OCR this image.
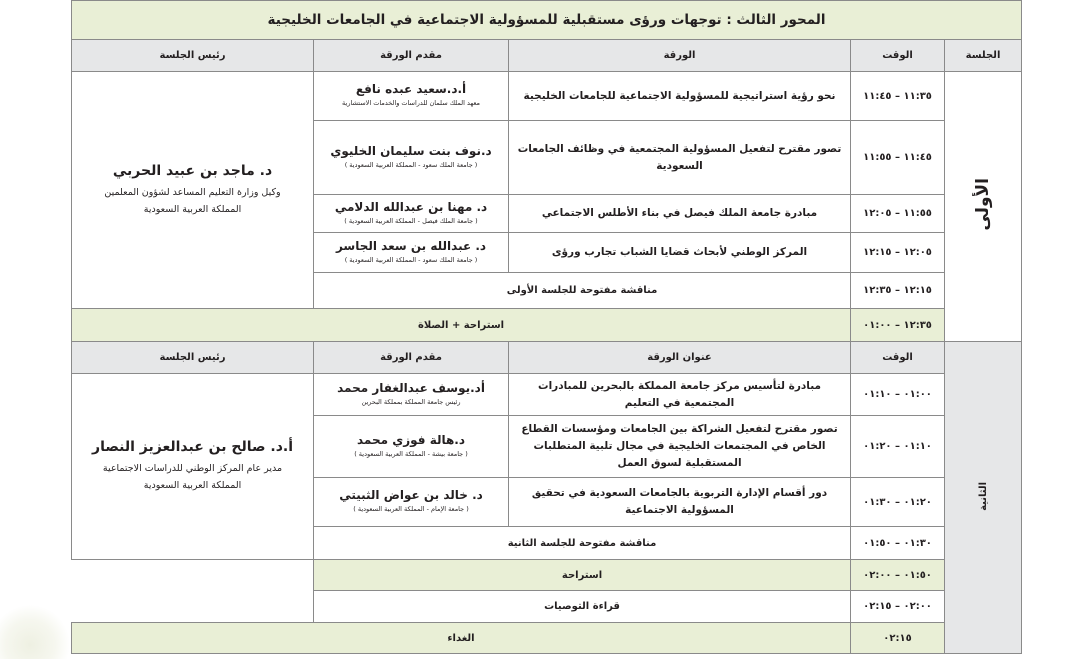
المحور الثالث : توجهات ورؤى مستقبلية للمسؤولية الاجتماعية في الجامعات الخليجية				
الجلسة	الوقت	الورقة	مقدم الورقة	رئيس الجلسة
الأولى	١١:٣٥ – ١١:٤٥	نحو رؤية استراتيجية للمسؤولية الاجتماعية للجامعات الخليجية	أ.د.سعيد عبده نافع
معهد الملك سلمان للدراسات والخدمات الاستشارية	د. ماجد بن عبيد الحربي
وكيل وزارة التعليم المساعد لشؤون المعلمين
المملكة العربية السعودية

	١١:٤٥ – ١١:٥٥	تصور مقترح لتفعيل المسؤولية المجتمعية في وظائف الجامعات السعودية	د.نوف بنت سليمان الخليوي
( جامعة الملك سعود - المملكة العربية السعودية )	

	١١:٥٥ – ١٢:٠٥	مبادرة جامعة الملك فيصل في بناء الأطلس الاجتماعي	د. مهنا بن عبدالله الدلامي
( جامعة الملك فيصل - المملكة العربية السعودية )	

	١٢:٠٥ – ١٢:١٥	المركز الوطني لأبحاث قضايا الشباب تجارب ورؤى	د. عبدالله بن سعد الجاسر
( جامعة الملك سعود - المملكة العربية السعودية )	

	١٢:١٥ – ١٢:٣٥	مناقشة مفتوحة للجلسة الأولى		
	١٢:٣٥ – ٠١:٠٠	استراحة + الصلاة		
الثانية	الوقت	عنوان الورقة	مقدم الورقة	رئيس الجلسة
	٠١:٠٠ – ٠١:١٠	مبادرة لتأسيس مركز جامعة المملكة بالبحرين للمبادرات المجتمعية في التعليم	أد.يوسف عبدالغفار محمد
رئيس جامعة المملكة بمملكة البحرين	أ.د. صالح بن عبدالعزيز النصار
مدير عام المركز الوطني للدراسات الاجتماعية
المملكة العربية السعودية

	٠١:١٠ – ٠١:٢٠	تصور مقترح لتفعيل الشراكة بين الجامعات ومؤسسات القطاع الخاص في المجتمعات الخليجية في مجال تلبية المتطلبات المستقبلية لسوق العمل	د.هالة فوزي محمد
( جامعة بيشة - المملكة العربية السعودية )	

	٠١:٢٠ – ٠١:٣٠	دور أقسام الإدارة التربوية بالجامعات السعودية في تحقيق المسؤولية الاجتماعية	د. خالد بن عواض الثبيتي
( جامعة الإمام - المملكة العربية السعودية )	

	٠١:٣٠ – ٠١:٥٠	مناقشة مفتوحة للجلسة الثانية		
	٠١:٥٠ – ٠٢:٠٠	استراحة		
	٠٢:٠٠ – ٠٢:١٥	قراءة التوصيات		
	٠٢:١٥	الغداء		
